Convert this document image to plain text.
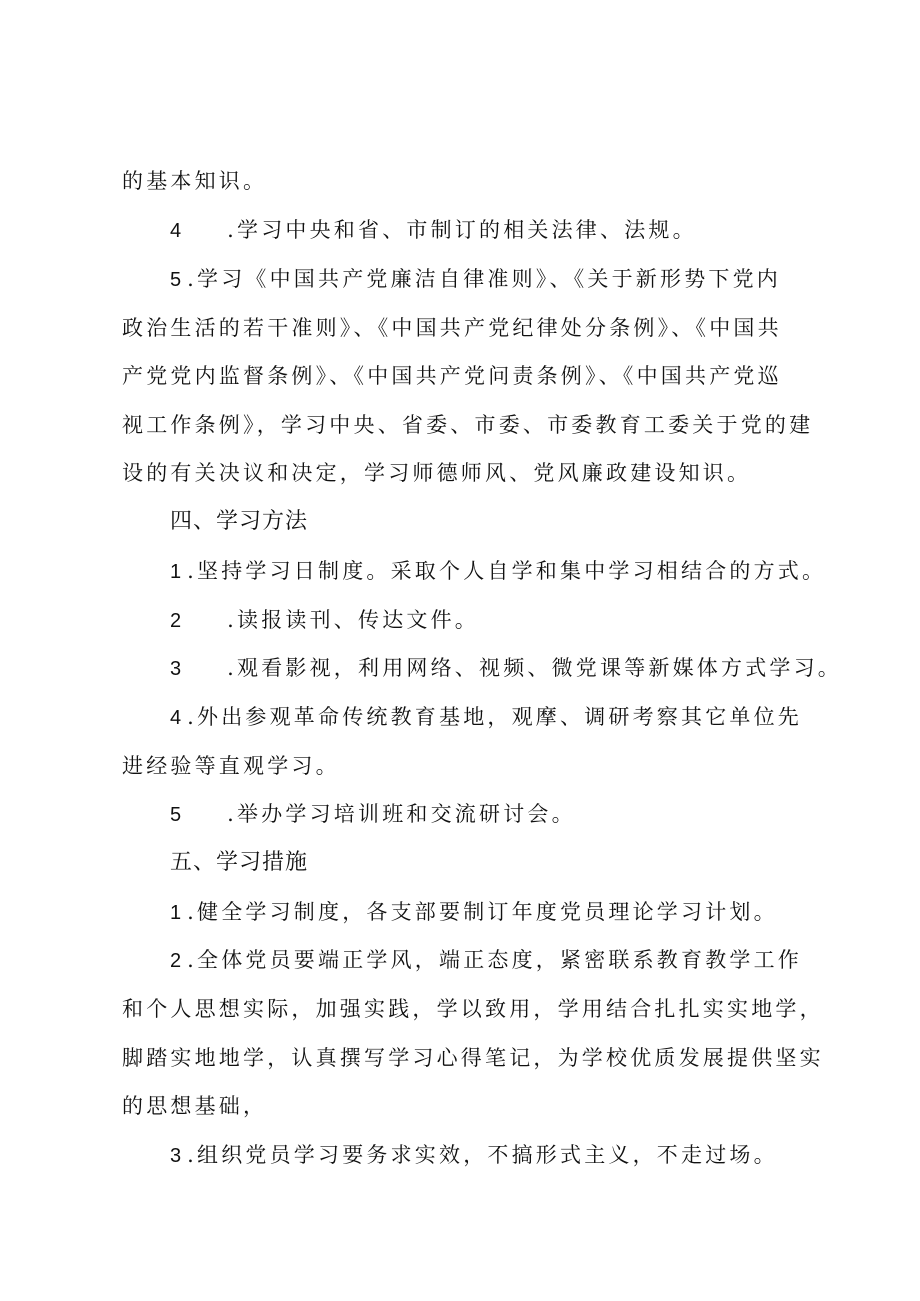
的基本知识。
4 .学习中央和省、市制订的相关法律、法规。
5 .学习《中国共产党廉洁自律准则》、《关于新形势下党内
政治生活的若干准则》、《中国共产党纪律处分条例》、《中国共
产党党内监督条例》、《中国共产党问责条例》、《中国共产党巡
视工作条例》，学习中央、省委、市委、市委教育工委关于党的建
设的有关决议和决定，学习师德师风、党风廉政建设知识。
四、学习方法
1 .坚持学习日制度。采取个人自学和集中学习相结合的方式。
2 .读报读刊、传达文件。
3 .观看影视，利用网络、视频、微党课等新媒体方式学习。
4 .外出参观革命传统教育基地，观摩、调研考察其它单位先
进经验等直观学习。
5 .举办学习培训班和交流研讨会。
五、学习措施
1 .健全学习制度，各支部要制订年度党员理论学习计划。
2 .全体党员要端正学风，端正态度，紧密联系教育教学工作
和个人思想实际，加强实践，学以致用，学用结合扎扎实实地学，
脚踏实地地学，认真撰写学习心得笔记，为学校优质发展提供坚实
的思想基础，
3 .组织党员学习要务求实效，不搞形式主义，不走过场。
